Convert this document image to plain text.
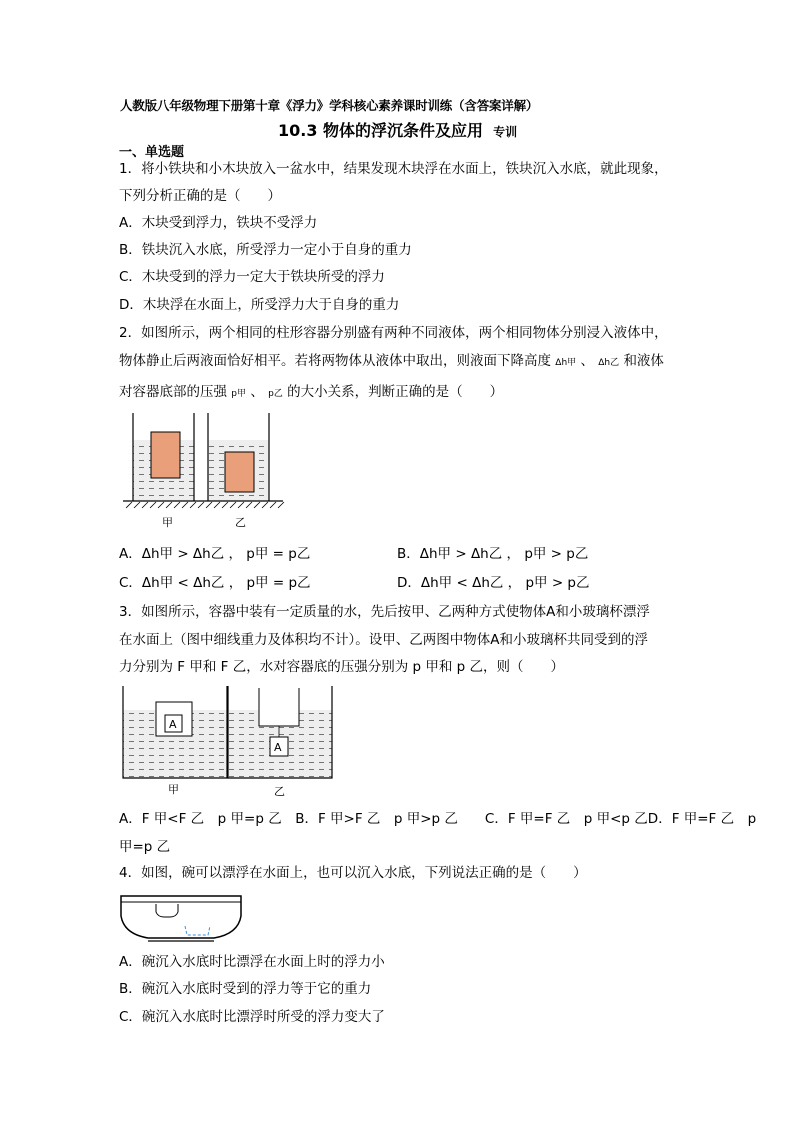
人教版八年级物理下册第十章《浮力》学科核心素养课时训练（含答案详解）
10.3 物体的浮沉条件及应用 专训
一、单选题
1．将小铁块和小木块放入一盆水中，结果发现木块浮在水面上，铁块沉入水底，就此现象，
下列分析正确的是（　　）
A．木块受到浮力，铁块不受浮力
B．铁块沉入水底，所受浮力一定小于自身的重力
C．木块受到的浮力一定大于铁块所受的浮力
D．木块浮在水面上，所受浮力大于自身的重力
2．如图所示，两个相同的柱形容器分别盛有两种不同液体，两个相同物体分别浸入液体中，
物体静止后两液面恰好相平。若将两物体从液体中取出，则液面下降高度 Δh甲 、 Δh乙 和液体
对容器底部的压强 p甲 、 p乙 的大小关系，判断正确的是（　　）
甲	乙
A．Δh甲 > Δh乙 ， p甲 = p乙	B．Δh甲 > Δh乙 ， p甲 > p乙
C．Δh甲 < Δh乙 ， p甲 = p乙	D．Δh甲 < Δh乙 ， p甲 > p乙
3．如图所示，容器中装有一定质量的水，先后按甲、乙两种方式使物体A和小玻璃杯漂浮
在水面上（图中细线重力及体积均不计）。设甲、乙两图中物体A和小玻璃杯共同受到的浮
力分别为 F 甲和 F 乙，水对容器底的压强分别为 p 甲和 p 乙，则（　　）
A
A
甲	乙
A．F 甲<F 乙　p 甲=p 乙　B．F 甲>F 乙　p 甲>p 乙　　C．F 甲=F 乙　p 甲<p 乙D．F 甲=F 乙　p
甲=p 乙
4．如图，碗可以漂浮在水面上，也可以沉入水底，下列说法正确的是（　　）
A．碗沉入水底时比漂浮在水面上时的浮力小
B．碗沉入水底时受到的浮力等于它的重力
C．碗沉入水底时比漂浮时所受的浮力变大了
